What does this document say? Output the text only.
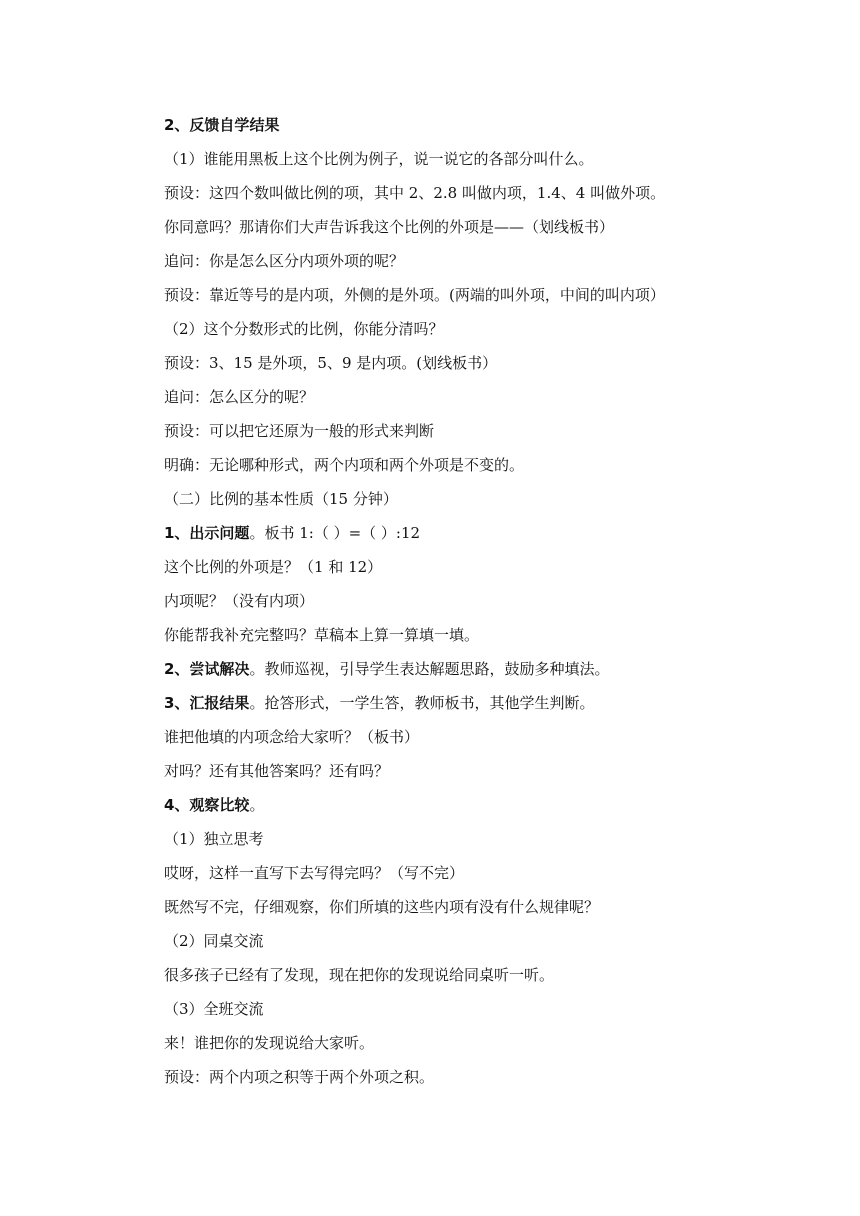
2、反馈自学结果
（1）谁能用黑板上这个比例为例子，说一说它的各部分叫什么。
预设：这四个数叫做比例的项，其中 2、2.8 叫做内项，1.4、4 叫做外项。
你同意吗？那请你们大声告诉我这个比例的外项是——（划线板书）
追问：你是怎么区分内项外项的呢？
预设：靠近等号的是内项，外侧的是外项。(两端的叫外项，中间的叫内项）
（2）这个分数形式的比例，你能分清吗？
预设：3、15 是外项，5、9 是内项。(划线板书）
追问：怎么区分的呢？
预设：可以把它还原为一般的形式来判断
明确：无论哪种形式，两个内项和两个外项是不变的。
（二）比例的基本性质（15 分钟）
1、出示问题。板书 1:（ ）=（ ）:12
这个比例的外项是？（1 和 12）
内项呢？（没有内项）
你能帮我补充完整吗？草稿本上算一算填一填。
2、尝试解决。教师巡视，引导学生表达解题思路，鼓励多种填法。
3、汇报结果。抢答形式，一学生答，教师板书，其他学生判断。
谁把他填的内项念给大家听？（板书）
对吗？还有其他答案吗？还有吗？
4、观察比较。
（1）独立思考
哎呀，这样一直写下去写得完吗？（写不完）
既然写不完，仔细观察，你们所填的这些内项有没有什么规律呢？
（2）同桌交流
很多孩子已经有了发现，现在把你的发现说给同桌听一听。
（3）全班交流
来！谁把你的发现说给大家听。
预设：两个内项之积等于两个外项之积。
